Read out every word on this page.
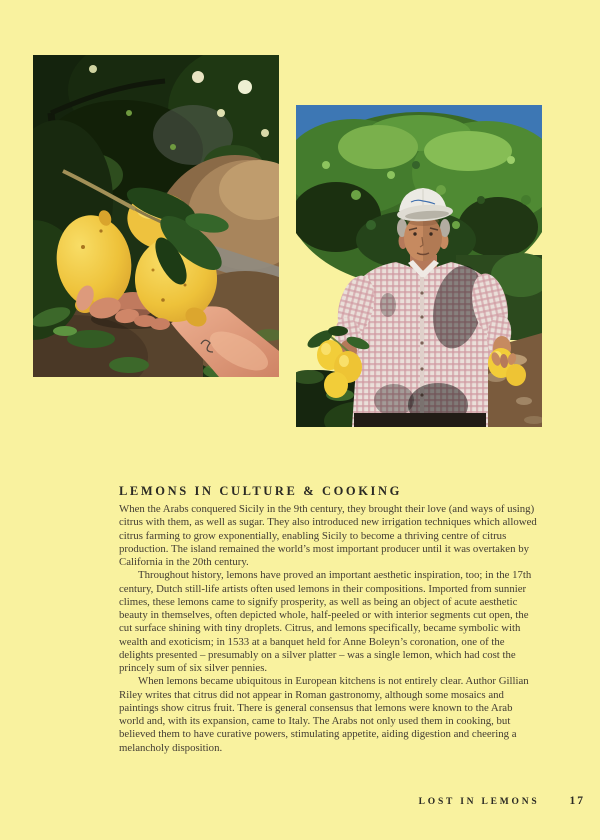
LEMONS IN CULTURE & COOKING

When the Arabs conquered Sicily in the 9th century, they brought their love (and ways of using) citrus with them, as well as sugar. They also introduced new irrigation techniques which allowed citrus farming to grow exponentially, enabling Sicily to become a thriving centre of citrus production. The island remained the world’s most important producer until it was overtaken by California in the 20th century.

Throughout history, lemons have proved an important aesthetic inspiration, too; in the 17th century, Dutch still-life artists often used lemons in their compositions. Imported from sunnier climes, these lemons came to signify prosperity, as well as being an object of acute aesthetic beauty in themselves, often depicted whole, half-peeled or with interior segments cut open, the cut surface shining with tiny droplets. Citrus, and lemons specifically, became symbolic with wealth and exoticism; in 1533 at a banquet held for Anne Boleyn’s coronation, one of the delights presented – presumably on a silver platter – was a single lemon, which had cost the princely sum of six silver pennies.

When lemons became ubiquitous in European kitchens is not entirely clear. Author Gillian Riley writes that citrus did not appear in Roman gastronomy, although some mosaics and paintings show citrus fruit. There is general consensus that lemons were known to the Arab world and, with its expansion, came to Italy. The Arabs not only used them in cooking, but believed them to have curative powers, stimulating appetite, aiding digestion and cheering a melancholy disposition.

LOST IN LEMONS	17
